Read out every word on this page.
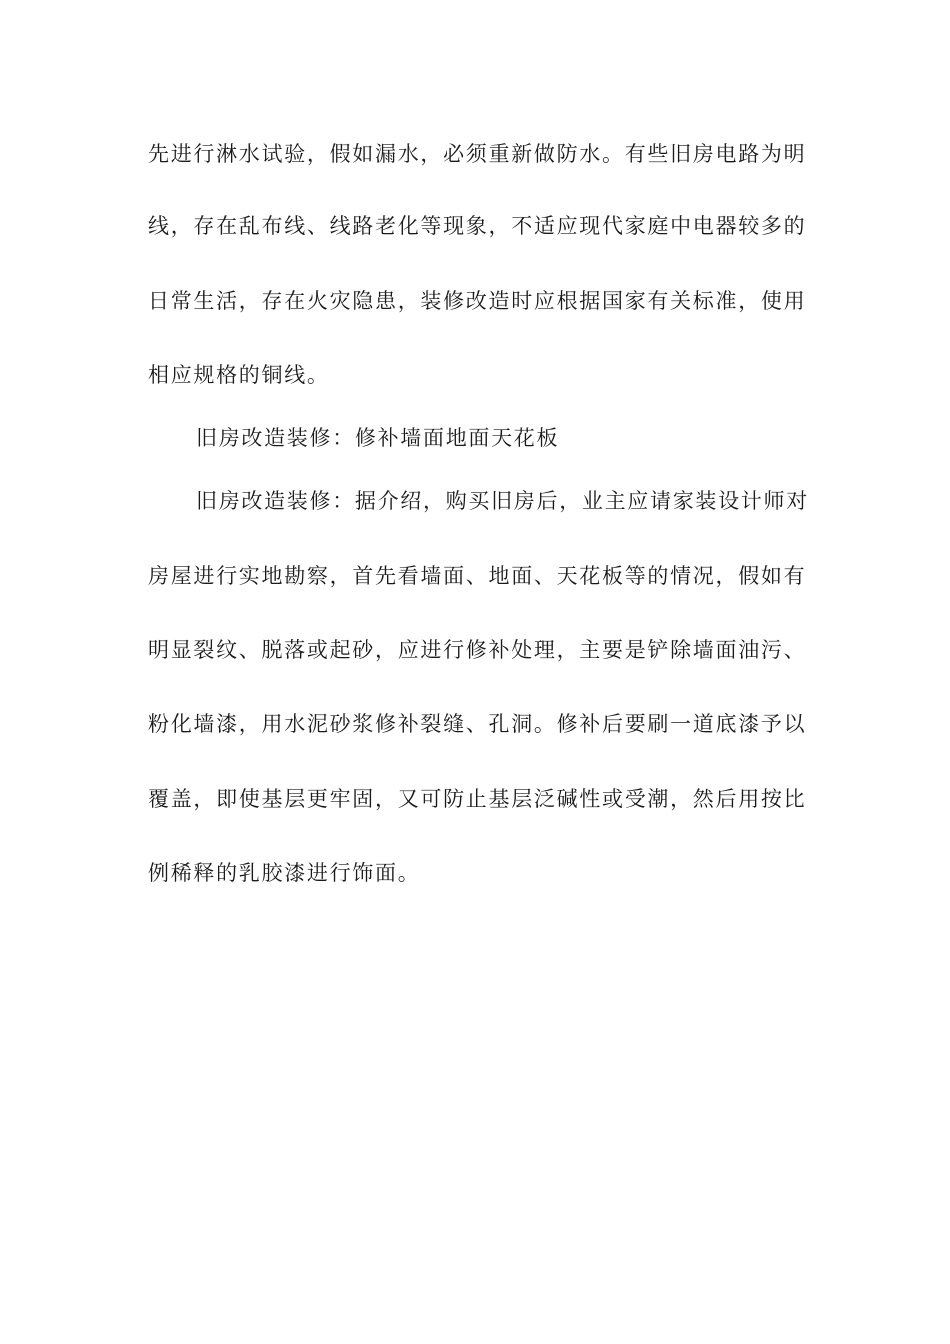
先进行淋水试验，假如漏水，必须重新做防水。有些旧房电路为明
线，存在乱布线、线路老化等现象，不适应现代家庭中电器较多的
日常生活，存在火灾隐患，装修改造时应根据国家有关标准，使用
相应规格的铜线。
旧房改造装修：修补墙面地面天花板
旧房改造装修：据介绍，购买旧房后，业主应请家装设计师对
房屋进行实地勘察，首先看墙面、地面、天花板等的情况，假如有
明显裂纹、脱落或起砂，应进行修补处理，主要是铲除墙面油污、
粉化墙漆，用水泥砂浆修补裂缝、孔洞。修补后要刷一道底漆予以
覆盖，即使基层更牢固，又可防止基层泛碱性或受潮，然后用按比
例稀释的乳胶漆进行饰面。
